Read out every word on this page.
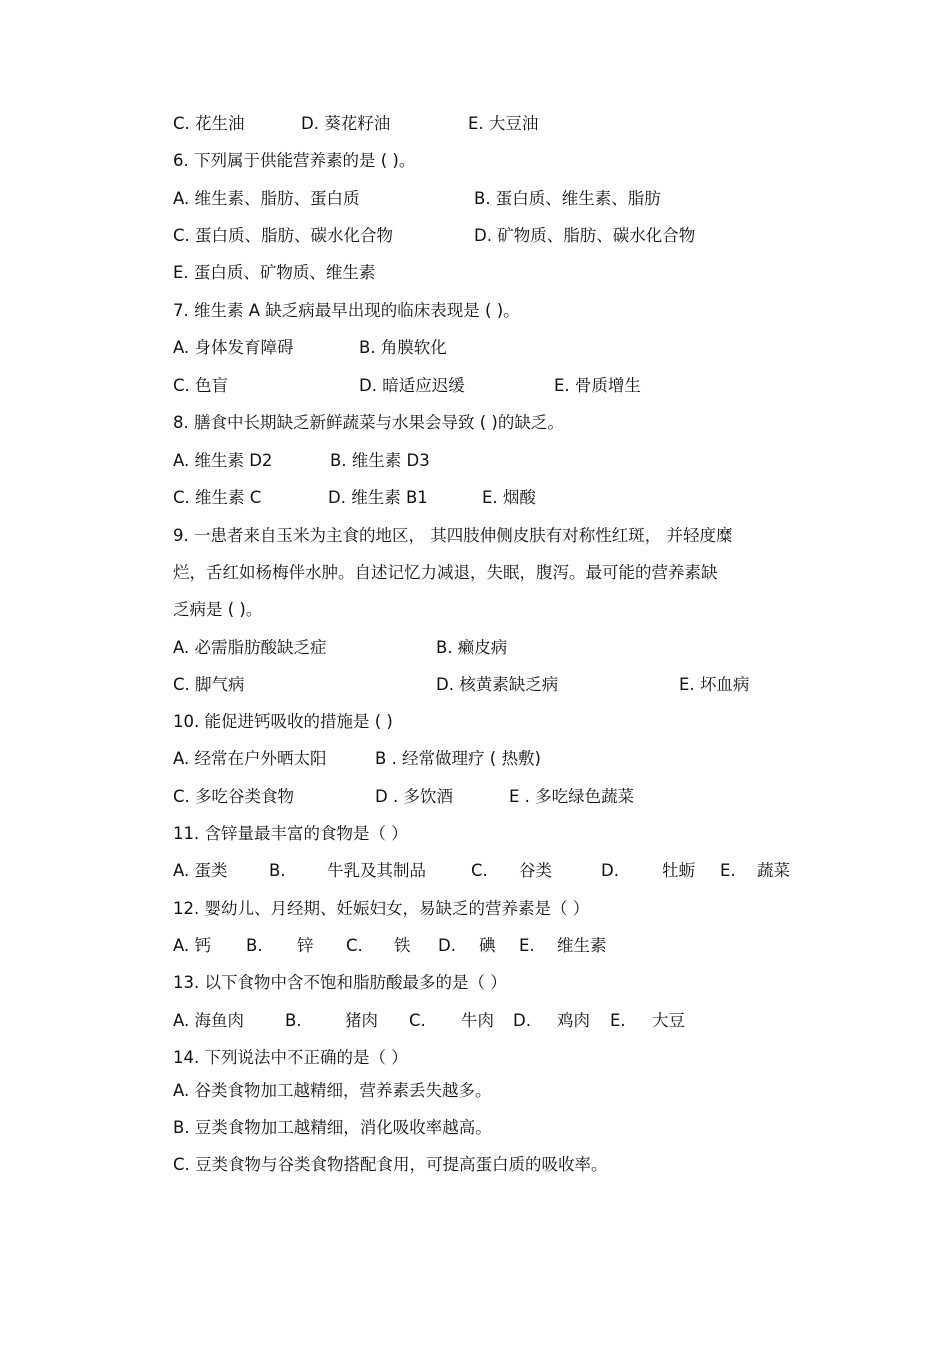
C. 花生油	D. 葵花籽油	E. 大豆油
6. 下列属于供能营养素的是 ( )。
A. 维生素、脂肪、蛋白质	B. 蛋白质、维生素、脂肪
C. 蛋白质、脂肪、碳水化合物	D. 矿物质、脂肪、碳水化合物
E. 蛋白质、矿物质、维生素
7. 维生素 A 缺乏病最早出现的临床表现是 ( )。
A. 身体发育障碍	B. 角膜软化
C. 色盲	D. 暗适应迟缓	E. 骨质增生
8. 膳食中长期缺乏新鲜蔬菜与水果会导致 ( )的缺乏。
A. 维生素 D2	B. 维生素 D3
C. 维生素 C	D. 维生素 B1	E. 烟酸
9. 一患者来自玉米为主食的地区， 其四肢伸侧皮肤有对称性红斑， 并轻度糜
烂，舌红如杨梅伴水肿。自述记忆力减退，失眠，腹泻。最可能的营养素缺
乏病是 ( )。
A. 必需脂肪酸缺乏症	B. 癞皮病
C. 脚气病	D. 核黄素缺乏病	E. 坏血病
10. 能促进钙吸收的措施是 ( )
A. 经常在户外晒太阳	B . 经常做理疗 ( 热敷)
C. 多吃谷类食物	D . 多饮酒	E . 多吃绿色蔬菜
11. 含锌量最丰富的食物是（ ）
A. 蛋类	B.	牛乳及其制品	C. 谷类	D.	牡蛎 E. 蔬菜
12. 婴幼儿、月经期、妊娠妇女，易缺乏的营养素是（ ）
A. 钙 B. 锌 C. 铁 D. 碘 E. 维生素
13. 以下食物中含不饱和脂肪酸最多的是（ ）
A. 海鱼肉 B.	猪肉 C. 牛肉 D. 鸡肉 E. 大豆
14. 下列说法中不正确的是（ ）
A. 谷类食物加工越精细，营养素丢失越多。
B. 豆类食物加工越精细，消化吸收率越高。
C. 豆类食物与谷类食物搭配食用，可提高蛋白质的吸收率。
